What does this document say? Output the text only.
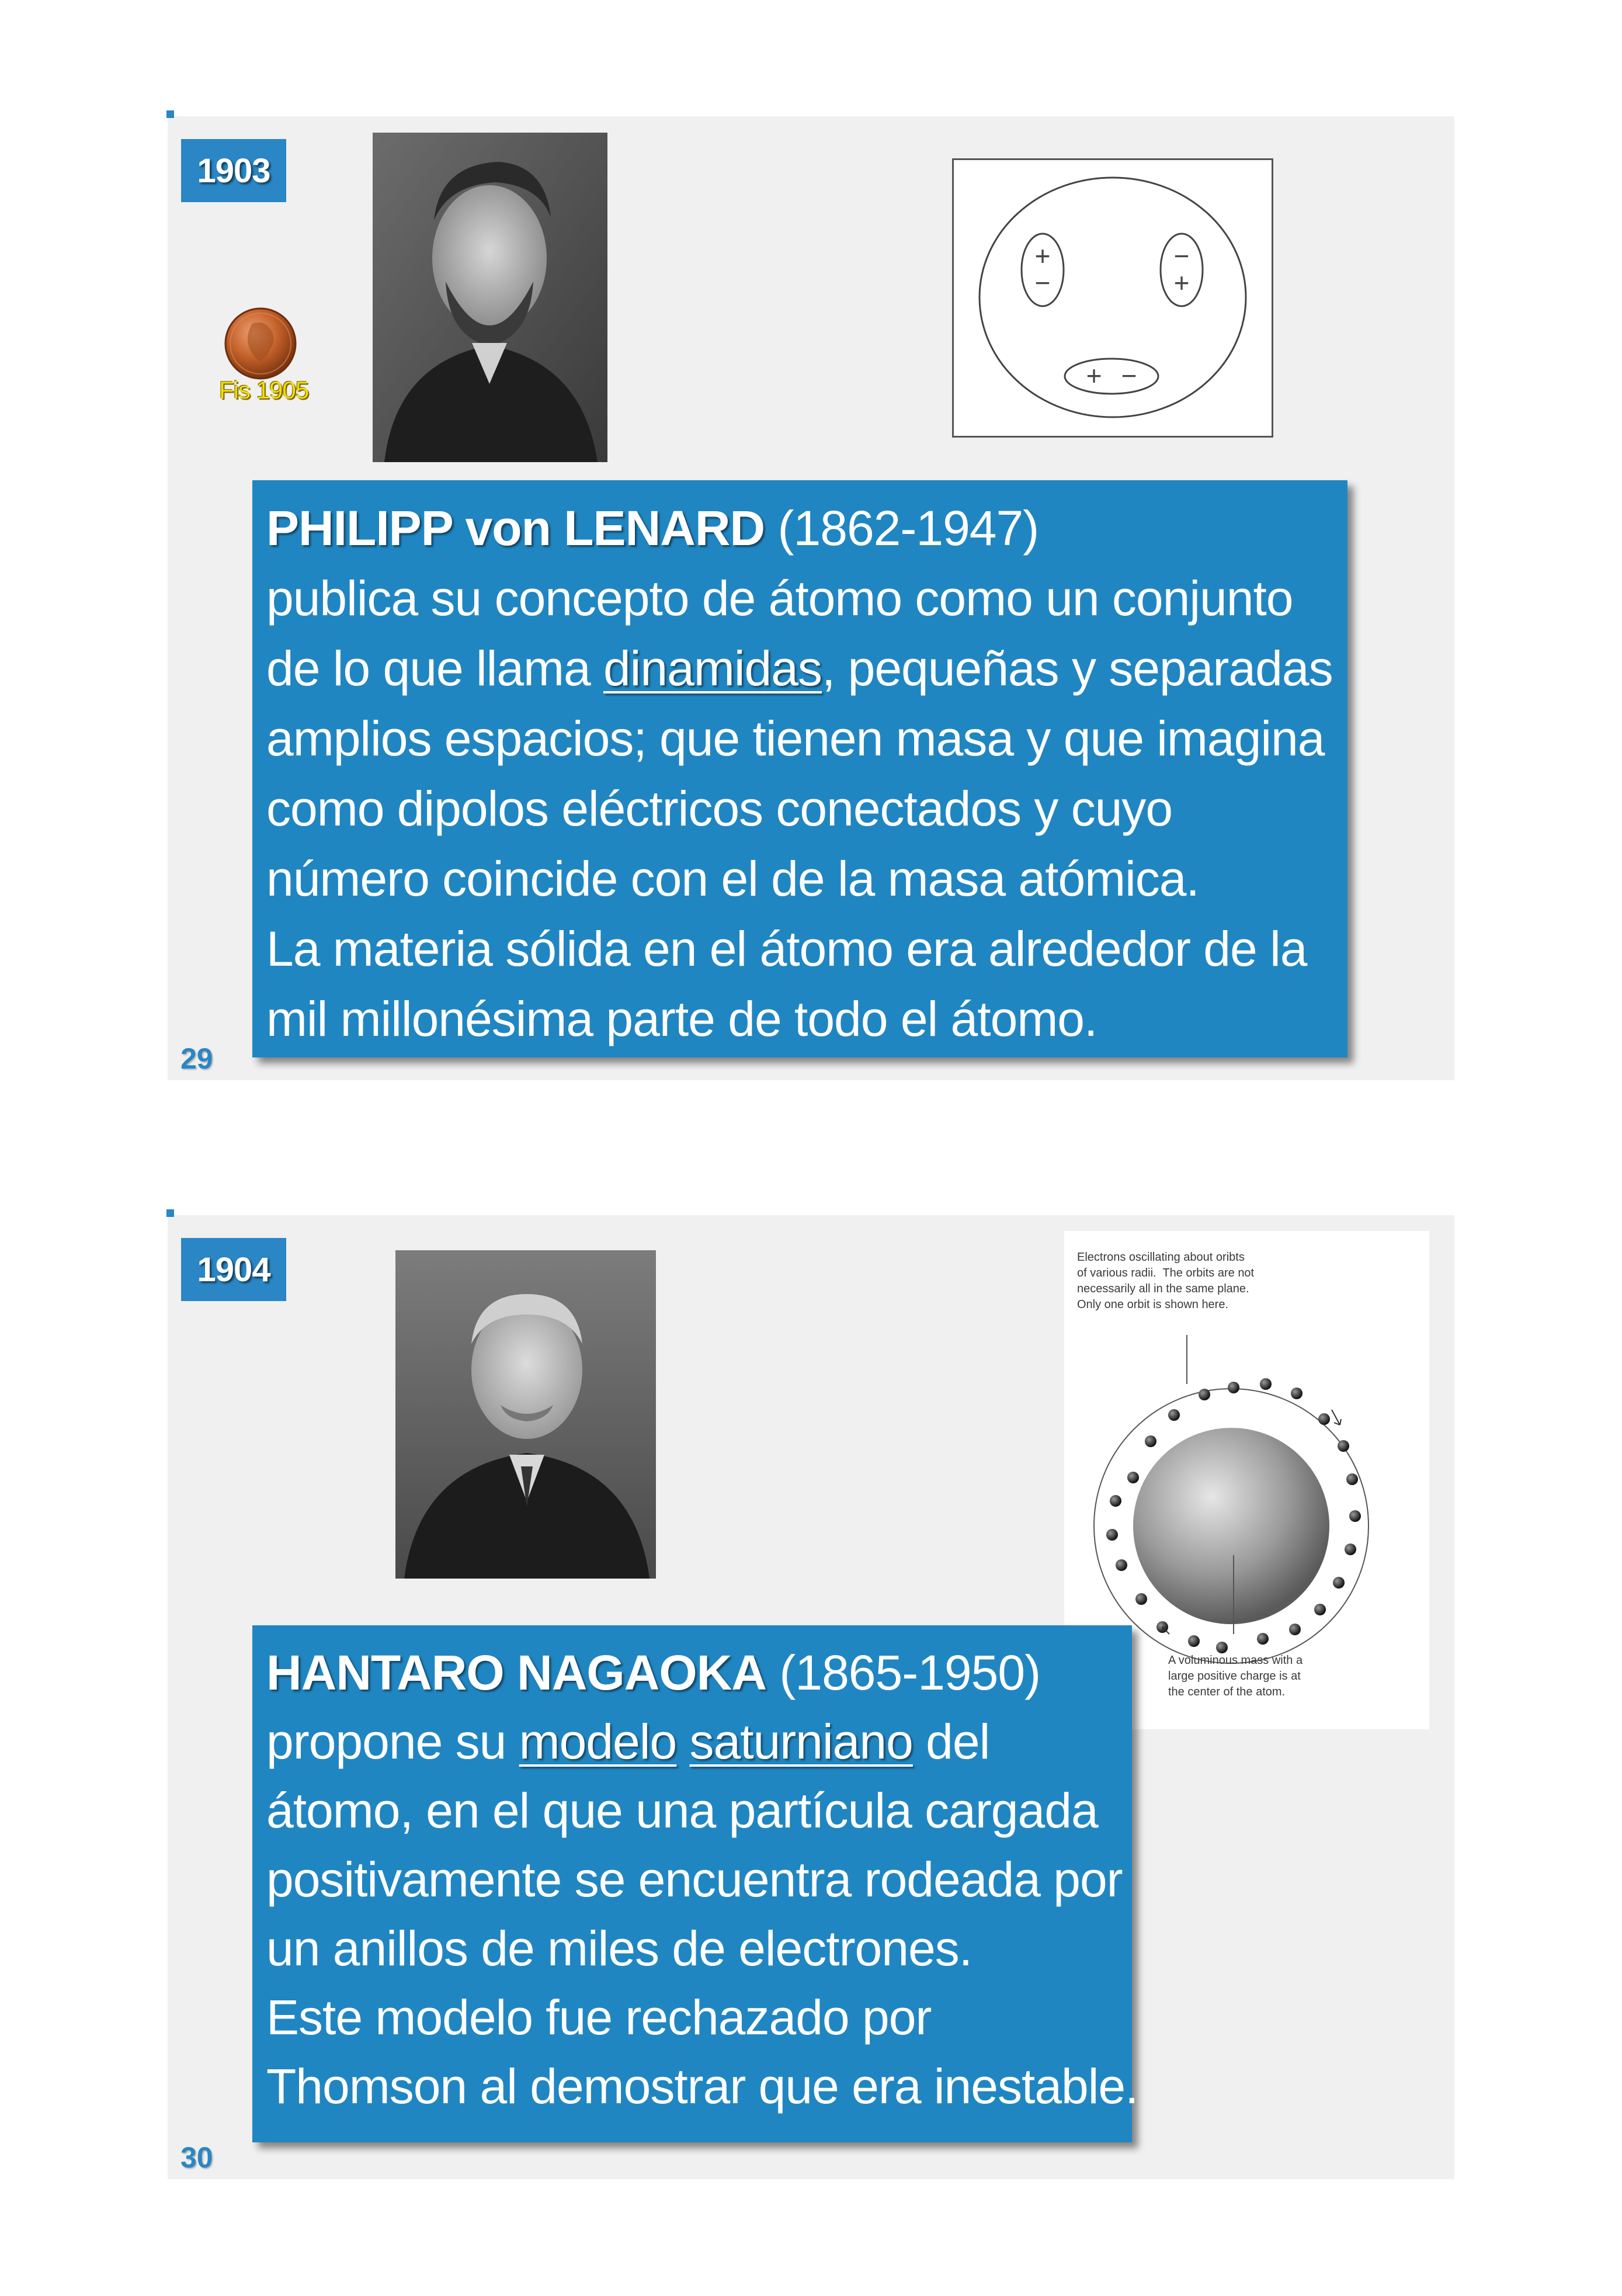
1903
Fis 1905
+
−
−
+
+ −
PHILIPP von LENARD (1862-1947)
publica su concepto de átomo como un conjunto
de lo que llama dinamidas, pequeñas y separadas
amplios espacios; que tienen masa y que imagina
como dipolos eléctricos conectados y cuyo
número coincide con el de la masa atómica.
La materia sólida en el átomo era alrededor de la
mil millonésima parte de todo el átomo.
29
1904	Electrons oscillating about oribts
of various radii.  The orbits are not
necessarily all in the same plane.
Only one orbit is shown here.
A voluminous mass with a
large positive charge is at
the center of the atom.
HANTARO NAGAOKA (1865-1950)
propone su modelo saturniano del
átomo, en el que una partícula cargada
positivamente se encuentra rodeada por
un anillos de miles de electrones.
Este modelo fue rechazado por
Thomson al demostrar que era inestable.
30
